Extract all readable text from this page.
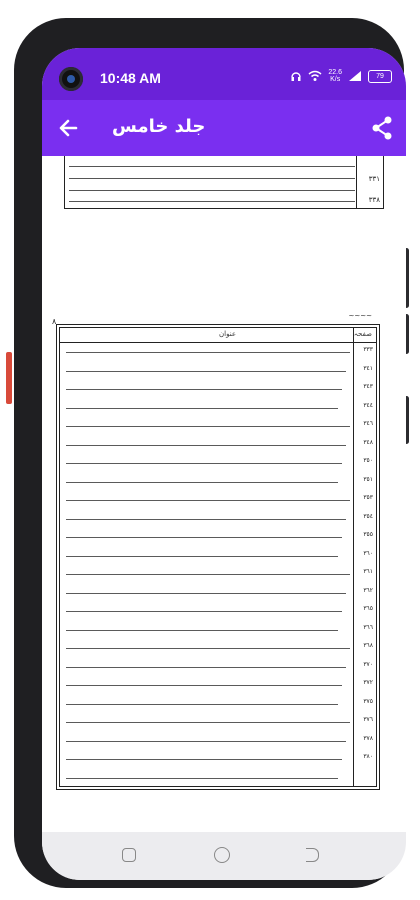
10:48 AM	22.6
K/s	79
جلد خامس
٣٣١
٣٣٨
٨
~~~~
عنوان	صفحہ
٣٣٣
٣٤١
٣٤٣
٣٤٤
٣٤٦
٣٤٨
٣٥٠
٣٥١
٣٥٣
٣٥٤
٣٥٥
٣٦٠
٣٦١
٣٦٢
٣٦٥
٣٦٦
٣٦٨
٣٧٠
٣٧٢
٣٧٥
٣٧٦
٣٧٨
٣٨٠
